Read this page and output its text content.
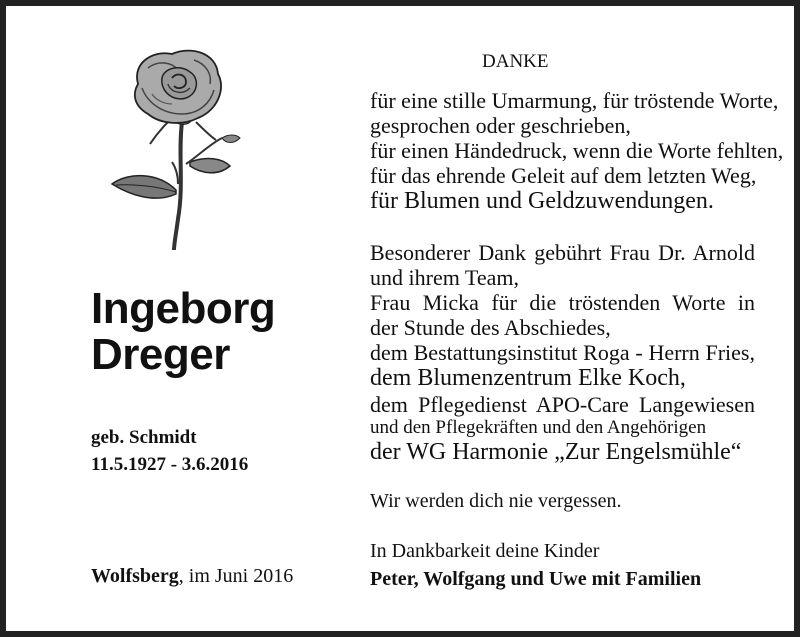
Ingeborg
Dreger
geb. Schmidt
11.5.1927 - 3.6.2016
Wolfsberg, im Juni 2016
DANKE
für eine stille Umarmung, für tröstende Worte,
gesprochen oder geschrieben,
für einen Händedruck, wenn die Worte fehlten,
für das ehrende Geleit auf dem letzten Weg,
für Blumen und Geldzuwendungen.
Besonderer Dank gebührt Frau Dr. Arnold
und ihrem Team,
Frau Micka für die tröstenden Worte in
der Stunde des Abschiedes,
dem Bestattungsinstitut Roga - Herrn Fries,
dem Blumenzentrum Elke Koch,
dem Pflegedienst APO-Care Langewiesen
und den Pflegekräften und den Angehörigen
der WG Harmonie „Zur Engelsmühle“
Wir werden dich nie vergessen.
In Dankbarkeit deine Kinder
Peter, Wolfgang und Uwe mit Familien
